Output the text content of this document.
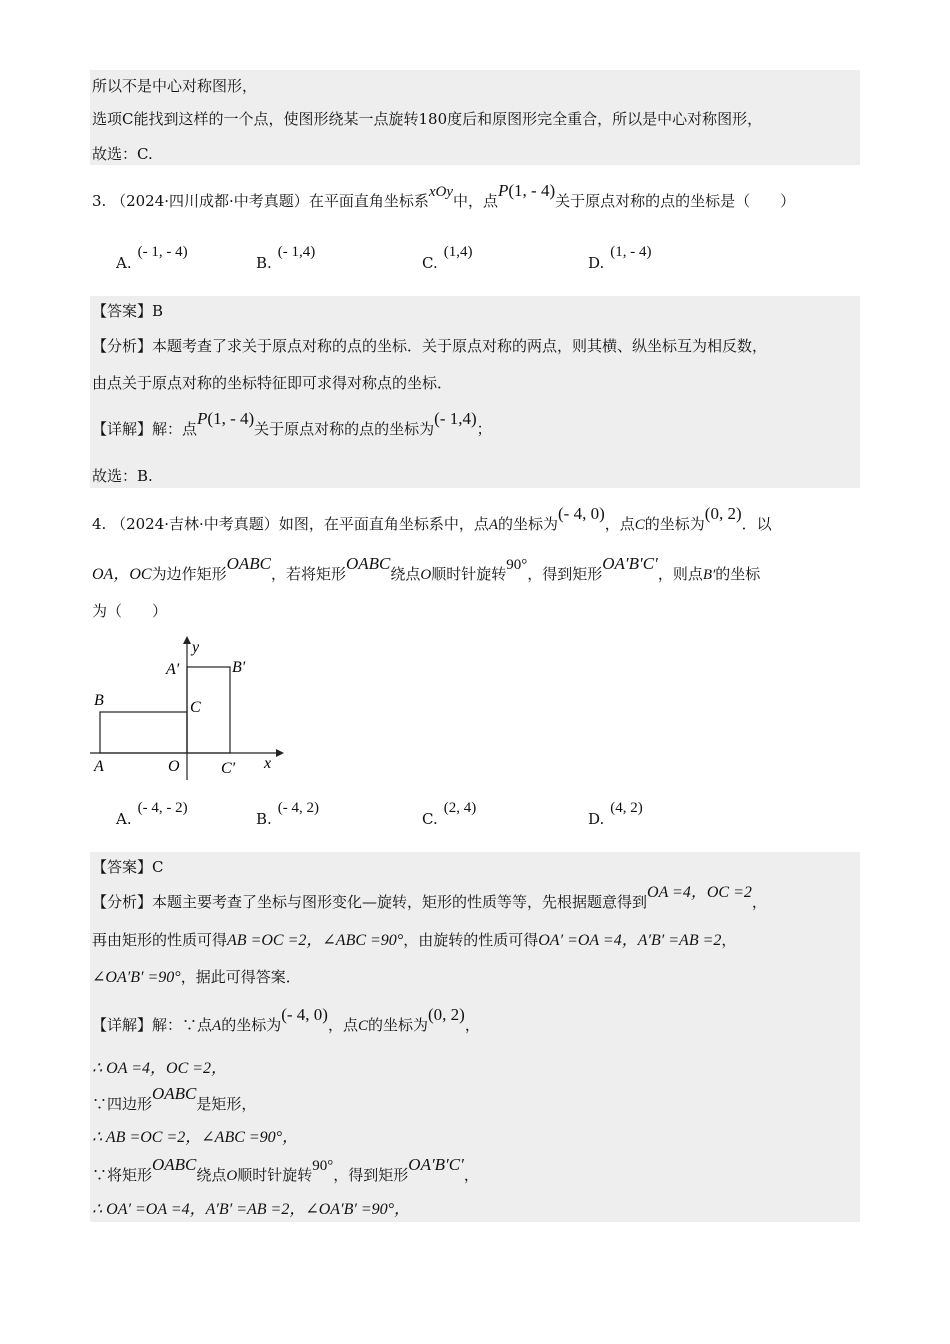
所以不是中心对称图形，
选项C能找到这样的一个点，使图形绕某一点旋转180度后和原图形完全重合，所以是中心对称图形，
故选：C.
3. （2024·四川成都·中考真题）在平面直角坐标系xOy中，点P(1, - 4)关于原点对称的点的坐标是（　　）
A.(- 1, - 4)
B.(- 1,4)
C.(1,4)
D.(1, - 4)
【答案】B
【分析】本题考查了求关于原点对称的点的坐标．关于原点对称的两点，则其横、纵坐标互为相反数，
由点关于原点对称的坐标特征即可求得对称点的坐标．
【详解】解：点P(1, - 4)关于原点对称的点的坐标为(- 1,4)；
故选：B.
4. （2024·吉林·中考真题）如图，在平面直角坐标系中，点A的坐标为(- 4, 0)，点C的坐标为(0, 2)．以
OA，OC为边作矩形OABC，若将矩形OABC绕点O顺时针旋转90°，得到矩形OA′B′C′，则点B′的坐标
为（　　）
y
A′	B′
B	C
A	O	C′ x
A.(- 4, - 2)
B.(- 4, 2)
C.(2, 4)
D.(4, 2)
【答案】C
【分析】本题主要考查了坐标与图形变化—旋转，矩形的性质等等，先根据题意得到OA =4，OC =2，
再由矩形的性质可得AB =OC =2，∠ABC =90°，由旋转的性质可得OA′ =OA =4，A′B′ =AB =2，
∠OA′B′ =90°，据此可得答案．
【详解】解：∵点A的坐标为(- 4, 0)，点C的坐标为(0, 2)，
∴ OA =4，OC =2，
∵四边形OABC是矩形，
∴ AB =OC =2，∠ABC =90°，
∵将矩形OABC绕点O顺时针旋转90°，得到矩形OA′B′C′，
∴ OA′ =OA =4，A′B′ =AB =2，∠OA′B′ =90°，
